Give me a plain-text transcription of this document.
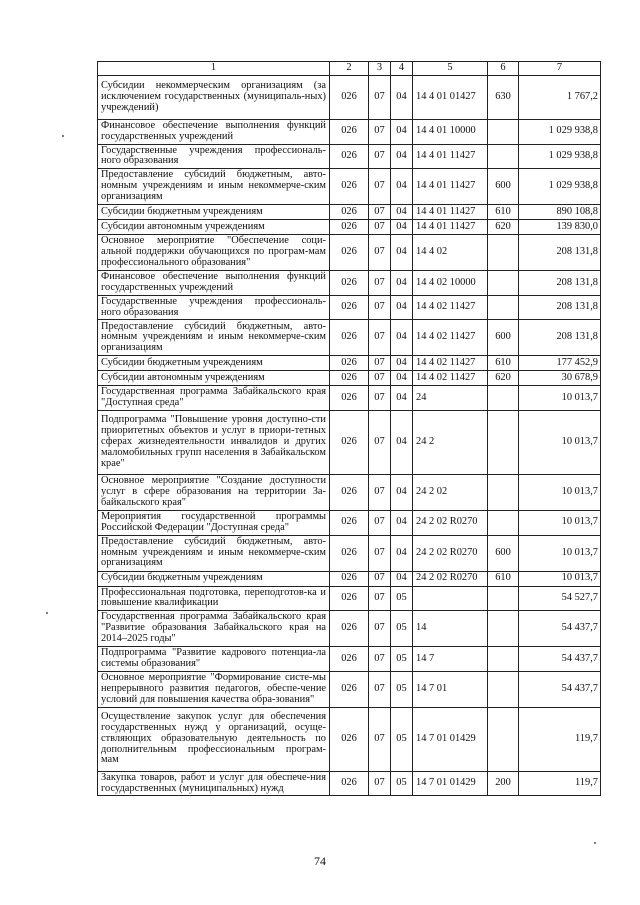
1	2	3	4	5	6	7
Субсидии некоммерческим организациям (за исключением государственных (муниципаль-ных) учреждений)	026	07	04	14 4 01 01427	630	1 767,2
Финансовое обеспечение выполнения функций государственных учреждений	026	07	04	14 4 01 10000		1 029 938,8
Государственные учреждения профессиональ-ного образования	026	07	04	14 4 01 11427		1 029 938,8
Предоставление субсидий бюджетным, авто-номным учреждениям и иным некоммерче-ским организациям	026	07	04	14 4 01 11427	600	1 029 938,8
Субсидии бюджетным учреждениям	026	07	04	14 4 01 11427	610	890 108,8
Субсидии автономным учреждениям	026	07	04	14 4 01 11427	620	139 830,0
Основное мероприятие "Обеспечение соци-альной поддержки обучающихся по програм-мам профессионального образования"	026	07	04	14 4 02		208 131,8
Финансовое обеспечение выполнения функций государственных учреждений	026	07	04	14 4 02 10000		208 131,8
Государственные учреждения профессиональ-ного образования	026	07	04	14 4 02 11427		208 131,8
Предоставление субсидий бюджетным, авто-номным учреждениям и иным некоммерче-ским организациям	026	07	04	14 4 02 11427	600	208 131,8
Субсидии бюджетным учреждениям	026	07	04	14 4 02 11427	610	177 452,9
Субсидии автономным учреждениям	026	07	04	14 4 02 11427	620	30 678,9
Государственная программа Забайкальского края "Доступная среда"	026	07	04	24		10 013,7
Подпрограмма "Повышение уровня доступно-сти приоритетных объектов и услуг в приори-тетных сферах жизнедеятельности инвалидов и других маломобильных групп населения в Забайкальском крае"	026	07	04	24 2		10 013,7
Основное мероприятие "Создание доступности услуг в сфере образования на территории За-байкальского края"	026	07	04	24 2 02		10 013,7
Мероприятия государственной программы Российской Федерации "Доступная среда"	026	07	04	24 2 02 R0270		10 013,7
Предоставление субсидий бюджетным, авто-номным учреждениям и иным некоммерче-ским организациям	026	07	04	24 2 02 R0270	600	10 013,7
Субсидии бюджетным учреждениям	026	07	04	24 2 02 R0270	610	10 013,7
Профессиональная подготовка, переподготов-ка и повышение квалификации	026	07	05			54 527,7
Государственная программа Забайкальского края "Развитие образования Забайкальского края на 2014–2025 годы"	026	07	05	14		54 437,7
Подпрограмма "Развитие кадрового потенциа-ла системы образования"	026	07	05	14 7		54 437,7
Основное мероприятие "Формирование систе-мы непрерывного развития педагогов, обеспе-чение условий для повышения качества обра-зования"	026	07	05	14 7 01		54 437,7
Осуществление закупок услуг для обеспечения государственных нужд у организаций, осуще-ствляющих образовательную деятельность по дополнительным профессиональным програм-мам	026	07	05	14 7 01 01429		119,7
Закупка товаров, работ и услуг для обеспече-ния государственных (муниципальных) нужд	026	07	05	14 7 01 01429	200	119,7
74
